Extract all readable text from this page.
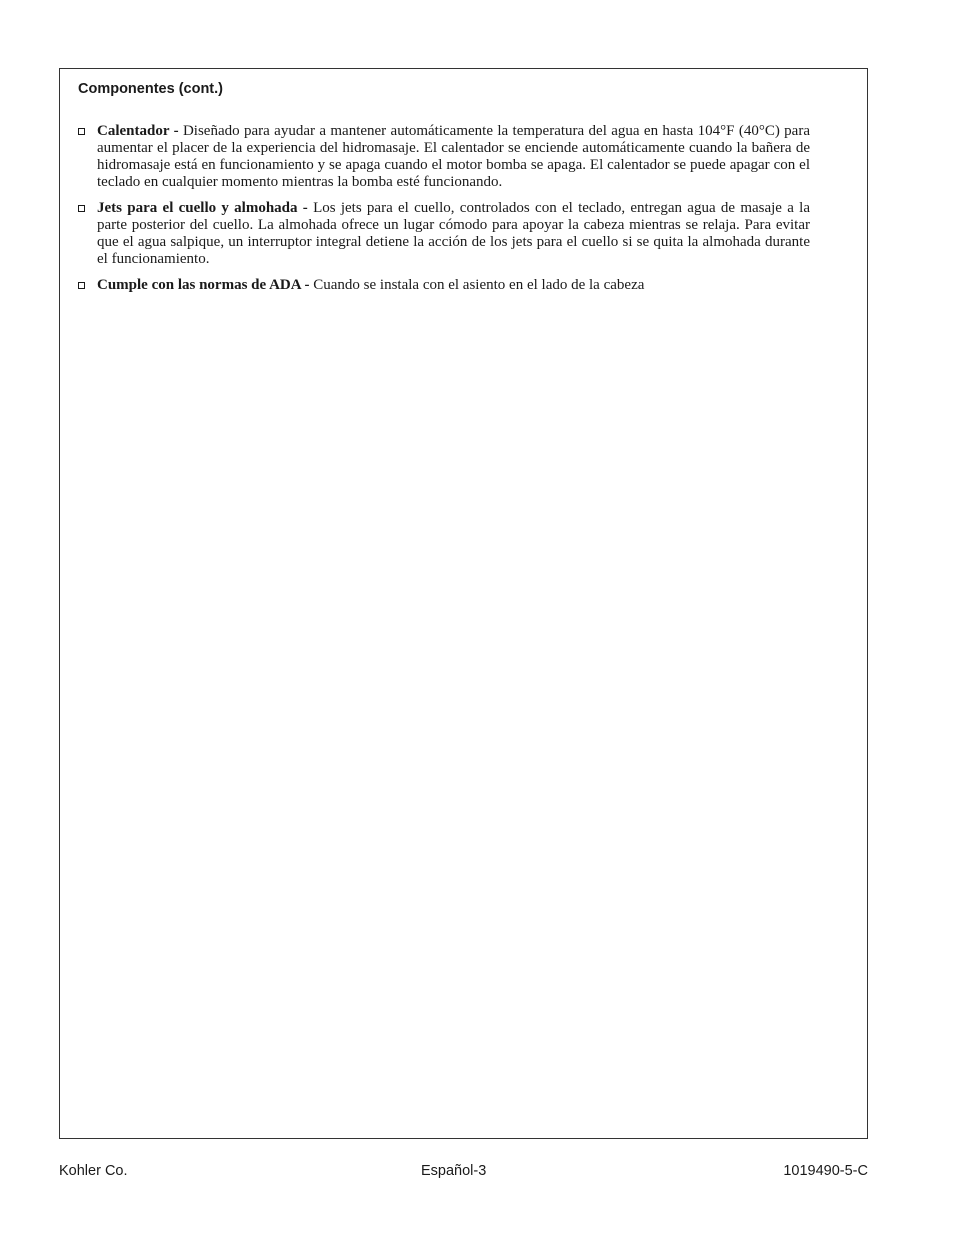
Componentes (cont.)
Calentador - Diseñado para ayudar a mantener automáticamente la temperatura del agua en hasta 104°F (40°C) para aumentar el placer de la experiencia del hidromasaje. El calentador se enciende automáticamente cuando la bañera de hidromasaje está en funcionamiento y se apaga cuando el motor bomba se apaga. El calentador se puede apagar con el teclado en cualquier momento mientras la bomba esté funcionando.
Jets para el cuello y almohada - Los jets para el cuello, controlados con el teclado, entregan agua de masaje a la parte posterior del cuello. La almohada ofrece un lugar cómodo para apoyar la cabeza mientras se relaja. Para evitar que el agua salpique, un interruptor integral detiene la acción de los jets para el cuello si se quita la almohada durante el funcionamiento.
Cumple con las normas de ADA - Cuando se instala con el asiento en el lado de la cabeza
Kohler Co.	Español-3	1019490-5-C
